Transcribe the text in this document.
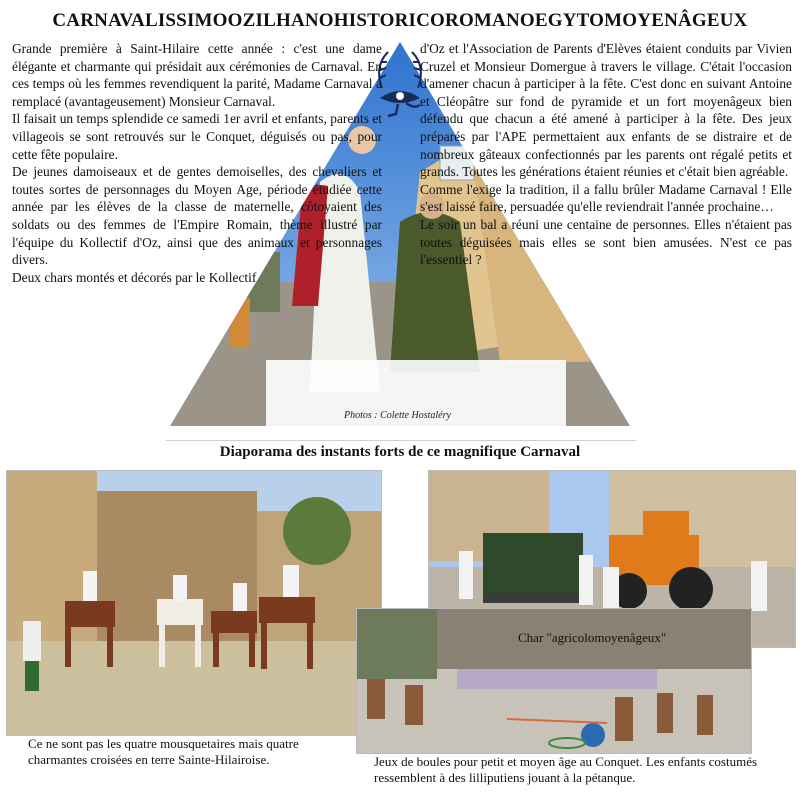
CARNAVALISSIMOOZILHANOHISTORICOROMANOEGYTOMOYENÂGEUX

Grande première à Saint-Hilaire cette année : c'est une dame élégante et charmante qui présidait aux cérémonies de Carnaval. En ces temps où les femmes revendiquent la parité, Madame Carnaval a remplacé (avantageusement) Monsieur Carnaval.

Il faisait un temps splendide ce samedi 1er avril et enfants, parents et villageois se sont retrouvés sur le Conquet, déguisés ou pas, pour cette fête populaire.

De jeunes damoiseaux et de gentes demoiselles, des chevaliers et toutes sortes de personnages du Moyen Age, période étudiée cette année par les élèves de la classe de maternelle, côtoyaient des soldats ou des femmes de l'Empire Romain, thème illustré par l'équipe du Kollectif d'Oz, ainsi que des animaux et personnages divers.

Deux chars montés et décorés par le Kollectif

d'Oz et l'Association de Parents d'Elèves étaient conduits par Vivien Cruzel et Monsieur Domergue à travers le village. C'était l'occasion d'amener chacun à participer à la fête. C'est donc en suivant Antoine et Cléopâtre sur fond de pyramide et un fort moyenâgeux bien défendu que chacun a été amené à participer à la fête. Des jeux préparés par l'APE permettaient aux enfants de se distraire et de nombreux gâteaux confectionnés par les parents ont régalé petits et grands. Toutes les générations étaient réunies et c'était bien agréable.

Comme l'exige la tradition, il a fallu brûler Madame Carnaval ! Elle s'est laissé faire, persuadée qu'elle reviendrait l'année prochaine…

Le soir un bal a réuni une centaine de personnes. Elles n'étaient pas toutes déguisées mais elles se sont bien amusées. N'est ce pas l'essentiel ?

Photos : Colette Hostaléry
Diaporama des instants forts de ce magnifique Carnaval
Ce ne sont pas les quatre mousquetaires mais quatre charmantes croisées en terre Sainte-Hilairoise.
Char "agricolomoyenâgeux"
Jeux de boules pour petit et moyen âge au Conquet. Les enfants costumés ressemblent à des lilliputiens jouant à la pétanque.
